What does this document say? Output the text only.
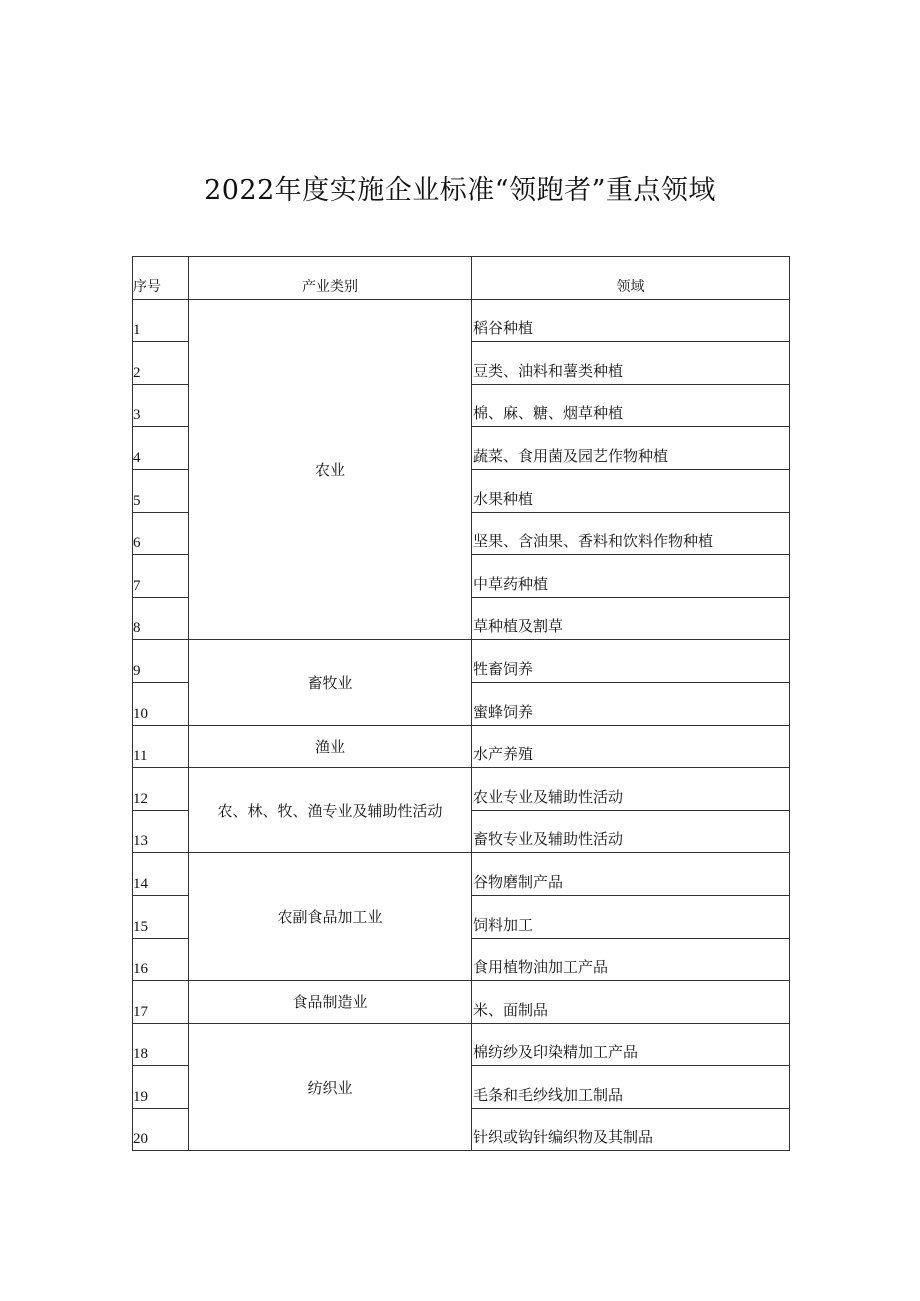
2022年度实施企业标准“领跑者”重点领域
序号	产业类别	领域
1	农业	稻谷种植
2		豆类、油料和薯类种植
3		棉、麻、糖、烟草种植
4		蔬菜、食用菌及园艺作物种植
5		水果种植
6		坚果、含油果、香料和饮料作物种植
7		中草药种植
8		草种植及割草
9	畜牧业	牲畜饲养
10		蜜蜂饲养
11	渔业	水产养殖
12	农、林、牧、渔专业及辅助性活动	农业专业及辅助性活动
13		畜牧专业及辅助性活动
14	农副食品加工业	谷物磨制产品
15		饲料加工
16		食用植物油加工产品
17	食品制造业	米、面制品
18	纺织业	棉纺纱及印染精加工产品
19		毛条和毛纱线加工制品
20		针织或钩针编织物及其制品
